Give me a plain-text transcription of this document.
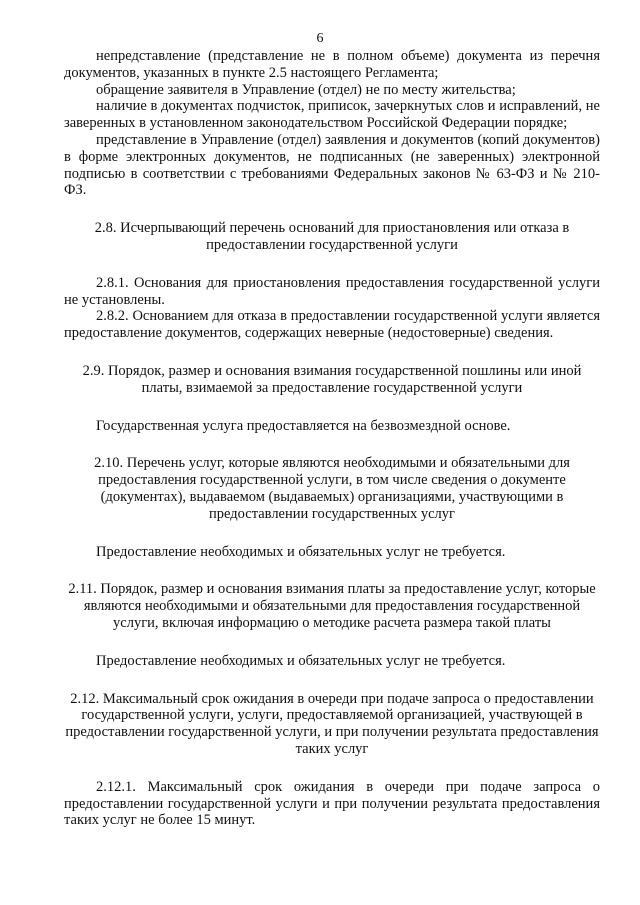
6

непредставление (представление не в полном объеме) документа из перечня документов, указанных в пункте 2.5 настоящего Регламента;

обращение заявителя в Управление (отдел) не по месту жительства;

наличие в документах подчисток, приписок, зачеркнутых слов и исправлений, не заверенных в установленном законодательством Российской Федерации порядке;

представление в Управление (отдел) заявления и документов (копий документов) в форме электронных документов, не подписанных (не заверенных) электронной подписью в соответствии с требованиями Федеральных законов № 63-ФЗ и № 210-ФЗ.

2.8. Исчерпывающий перечень оснований для приостановления или отказа в предоставлении государственной услуги

2.8.1. Основания для приостановления предоставления государственной услуги не установлены.

2.8.2. Основанием для отказа в предоставлении государственной услуги является предоставление документов, содержащих неверные (недостоверные) сведения.

2.9. Порядок, размер и основания взимания государственной пошлины или иной платы, взимаемой за предоставление государственной услуги

Государственная услуга предоставляется на безвозмездной основе.

2.10. Перечень услуг, которые являются необходимыми и обязательными для предоставления государственной услуги, в том числе сведения о документе (документах), выдаваемом (выдаваемых) организациями, участвующими в предоставлении государственных услуг

Предоставление необходимых и обязательных услуг не требуется.

2.11. Порядок, размер и основания взимания платы за предоставление услуг, которые являются необходимыми и обязательными для предоставления государственной услуги, включая информацию о методике расчета размера такой платы

Предоставление необходимых и обязательных услуг не требуется.

2.12. Максимальный срок ожидания в очереди при подаче запроса о предоставлении государственной услуги, услуги, предоставляемой организацией, участвующей в предоставлении государственной услуги, и при получении результата предоставления таких услуг

2.12.1. Максимальный срок ожидания в очереди при подаче запроса о предоставлении государственной услуги и при получении результата предоставления таких услуг не более 15 минут.
